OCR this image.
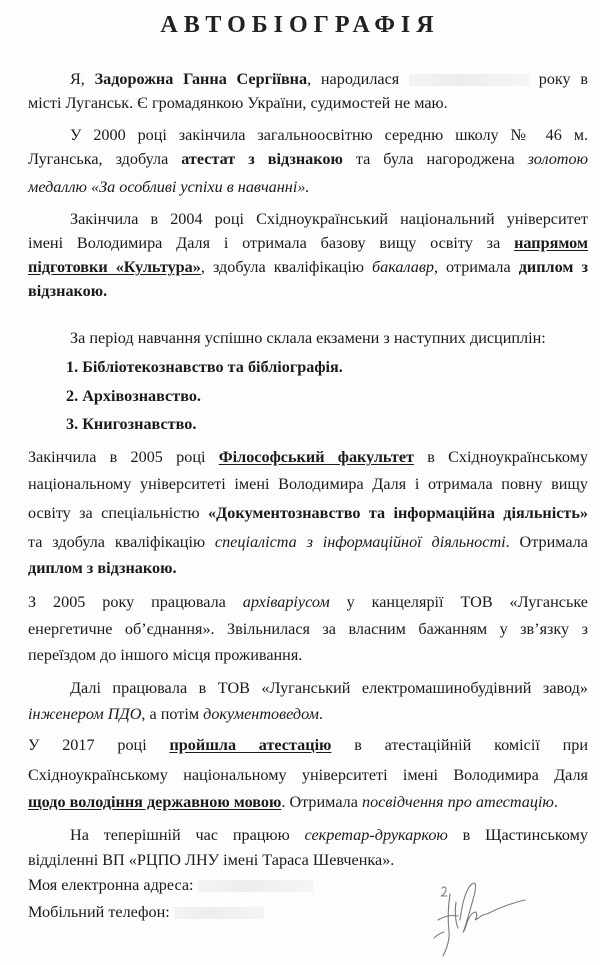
АВТОБІОГРАФІЯ
Я, Задорожна Ганна Сергіївна, народилася	року в
місті Луганськ. Є громадянкою України, судимостей не маю.
У 2000 році закінчила загальноосвітню середню школу № 46 м.
Луганська, здобула атестат з відзнакою та була нагороджена золотою
медаллю «За особливі успіхи в навчанні».
Закінчила в 2004 році Східноукраїнський національний університет
імені Володимира Даля і отримала базову вищу освіту за напрямом
підготовки «Культура», здобула кваліфікацію бакалавр, отримала диплом з
відзнакою.
За період навчання успішно склала екзамени з наступних дисциплін:
1. Бібліотекознавство та бібліографія.
2. Архівознавство.
3. Книгознавство.
Закінчила в 2005 році Філософський факультет в Східноукраїнському
національному університеті імені Володимира Даля і отримала повну вищу
освіту за спеціальністю «Документознавство та інформаційна діяльність»
та здобула кваліфікацію спеціаліста з інформаційної діяльності. Отримала
диплом з відзнакою.
З 2005 року працювала архіваріусом у канцелярії ТОВ «Луганське
енергетичне об’єднання». Звільнилася за власним бажанням у зв’язку з
переїздом до іншого місця проживання.
Далі працювала в ТОВ «Луганський електромашинобудівний завод»
інженером ПДО, а потім документоведом.
У 2017 році пройшла атестацію в атестаційній комісії при
Східноукраїнському національному університеті імені Володимира Даля
щодо володіння державною мовою. Отримала посвідчення про атестацію.
На теперішній час працюю секретар-друкаркою в Щастинському
відділенні ВП «РЦПО ЛНУ імені Тараса Шевченка».
Моя електронна адреса:
Мобільний телефон:
